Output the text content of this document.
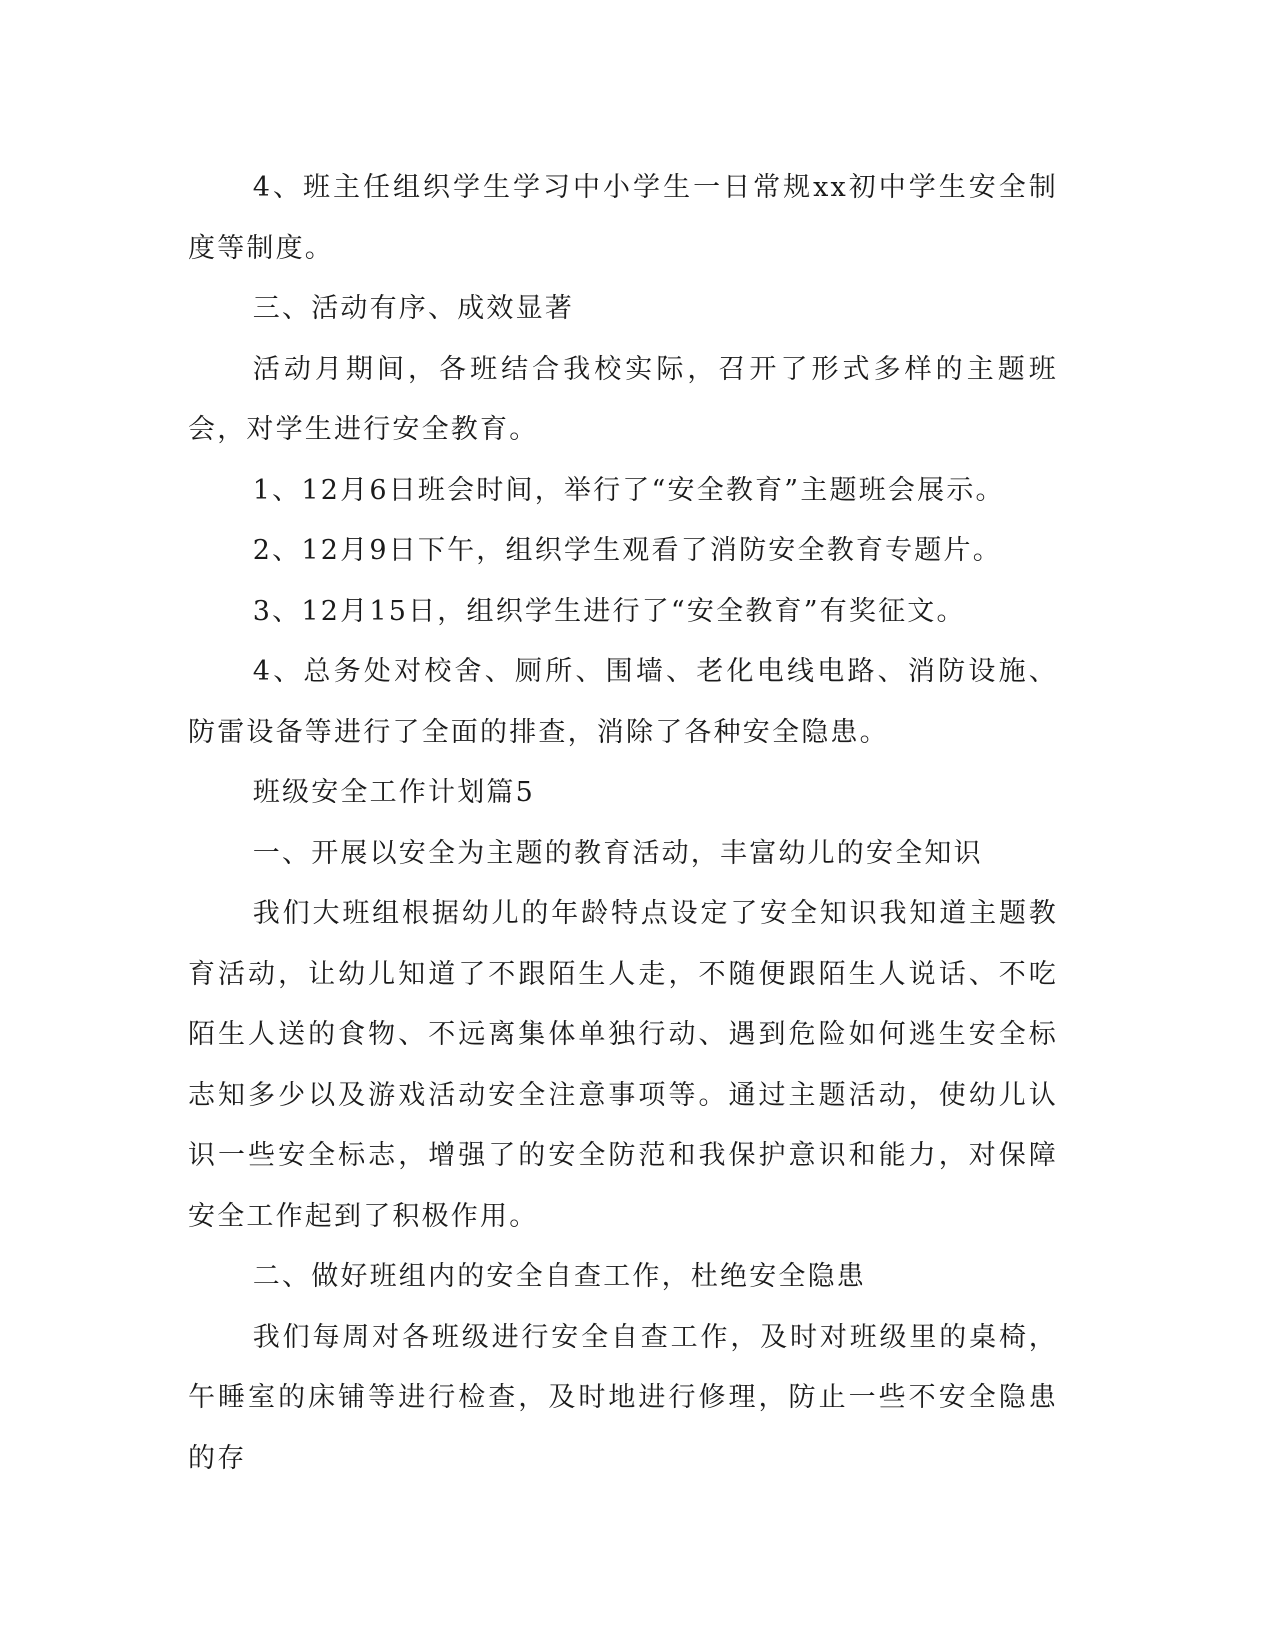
4、班主任组织学生学习中小学生一日常规xx初中学生安全制度等制度。

三、活动有序、成效显著

活动月期间，各班结合我校实际，召开了形式多样的主题班会，对学生进行安全教育。

1、12月6日班会时间，举行了“安全教育”主题班会展示。

2、12月9日下午，组织学生观看了消防安全教育专题片。

3、12月15日，组织学生进行了“安全教育”有奖征文。

4、总务处对校舍、厕所、围墙、老化电线电路、消防设施、防雷设备等进行了全面的排查，消除了各种安全隐患。

班级安全工作计划篇5

一、开展以安全为主题的教育活动，丰富幼儿的安全知识

我们大班组根据幼儿的年龄特点设定了安全知识我知道主题教育活动，让幼儿知道了不跟陌生人走，不随便跟陌生人说话、不吃陌生人送的食物、不远离集体单独行动、遇到危险如何逃生安全标志知多少以及游戏活动安全注意事项等。通过主题活动，使幼儿认识一些安全标志，增强了的安全防范和我保护意识和能力，对保障安全工作起到了积极作用。

二、做好班组内的安全自查工作，杜绝安全隐患

我们每周对各班级进行安全自查工作，及时对班级里的桌椅，午睡室的床铺等进行检查，及时地进行修理，防止一些不安全隐患的存
